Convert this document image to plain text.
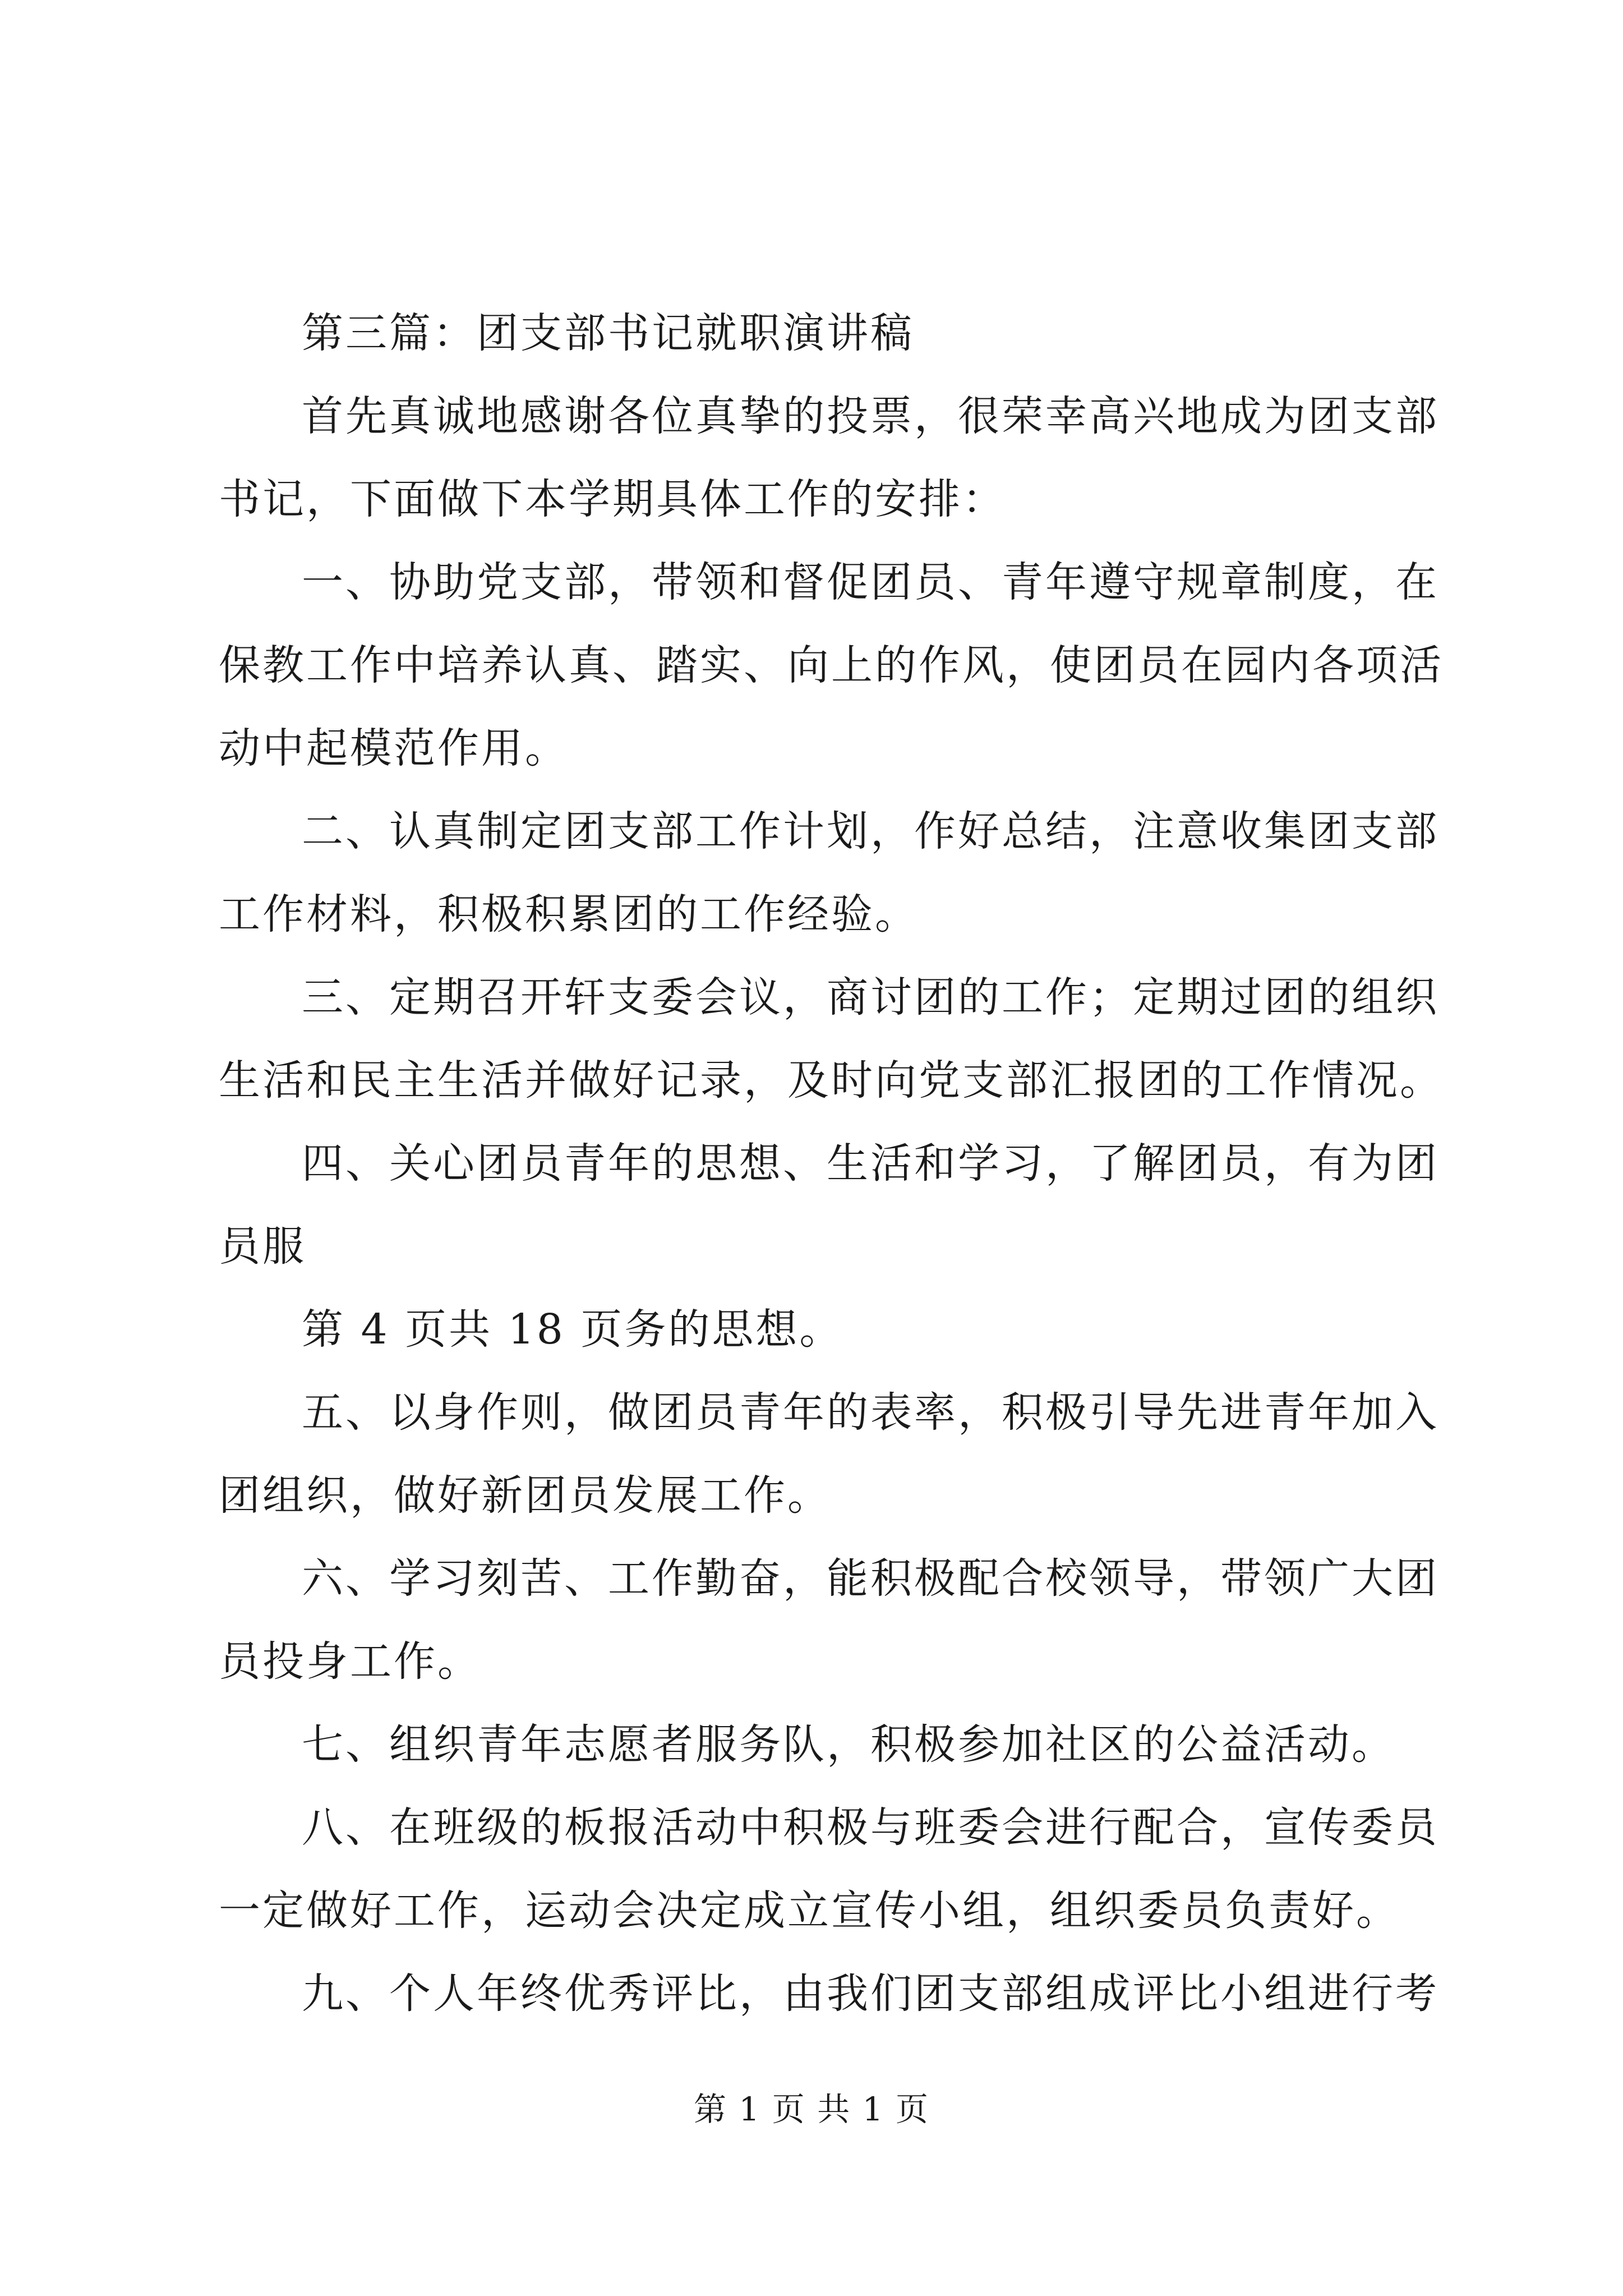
第三篇：团支部书记就职演讲稿
首先真诚地感谢各位真挚的投票，很荣幸高兴地成为团支部
书记，下面做下本学期具体工作的安排：
一、协助党支部，带领和督促团员、青年遵守规章制度，在
保教工作中培养认真、踏实、向上的作风，使团员在园内各项活
动中起模范作用。
二、认真制定团支部工作计划，作好总结，注意收集团支部
工作材料，积极积累团的工作经验。
三、定期召开轩支委会议，商讨团的工作；定期过团的组织
生活和民主生活并做好记录，及时向党支部汇报团的工作情况。
四、关心团员青年的思想、生活和学习，了解团员，有为团
员服
第 4 页共 18 页务的思想。
五、以身作则，做团员青年的表率，积极引导先进青年加入
团组织，做好新团员发展工作。
六、学习刻苦、工作勤奋，能积极配合校领导，带领广大团
员投身工作。
七、组织青年志愿者服务队，积极参加社区的公益活动。
八、在班级的板报活动中积极与班委会进行配合，宣传委员
一定做好工作，运动会决定成立宣传小组，组织委员负责好。
九、个人年终优秀评比，由我们团支部组成评比小组进行考
第 1 页 共 1 页
